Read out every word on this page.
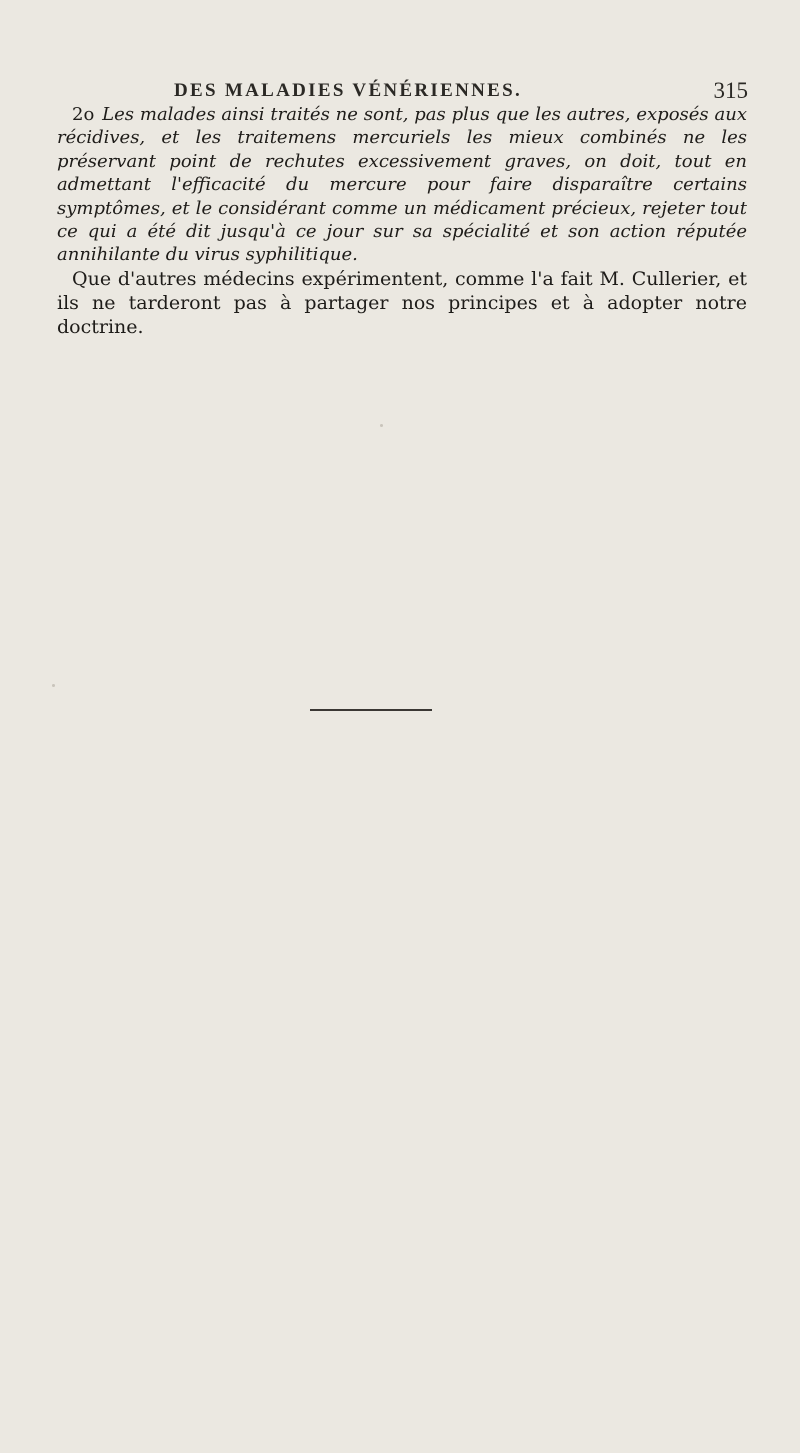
DES MALADIES VÉNÉRIENNES.	315

2o Les malades ainsi traités ne sont, pas plus que les autres, exposés aux récidives, et les traitemens mercuriels les mieux combinés ne les préservant point de rechutes excessivement graves, on doit, tout en admettant l'efficacité du mercure pour faire disparaître certains symptômes, et le considérant comme un médicament précieux, rejeter tout ce qui a été dit jusqu'à ce jour sur sa spécialité et son action réputée annihilante du virus syphilitique.

Que d'autres médecins expérimentent, comme l'a fait M. Cullerier, et ils ne tarderont pas à partager nos principes et à adopter notre doctrine.
